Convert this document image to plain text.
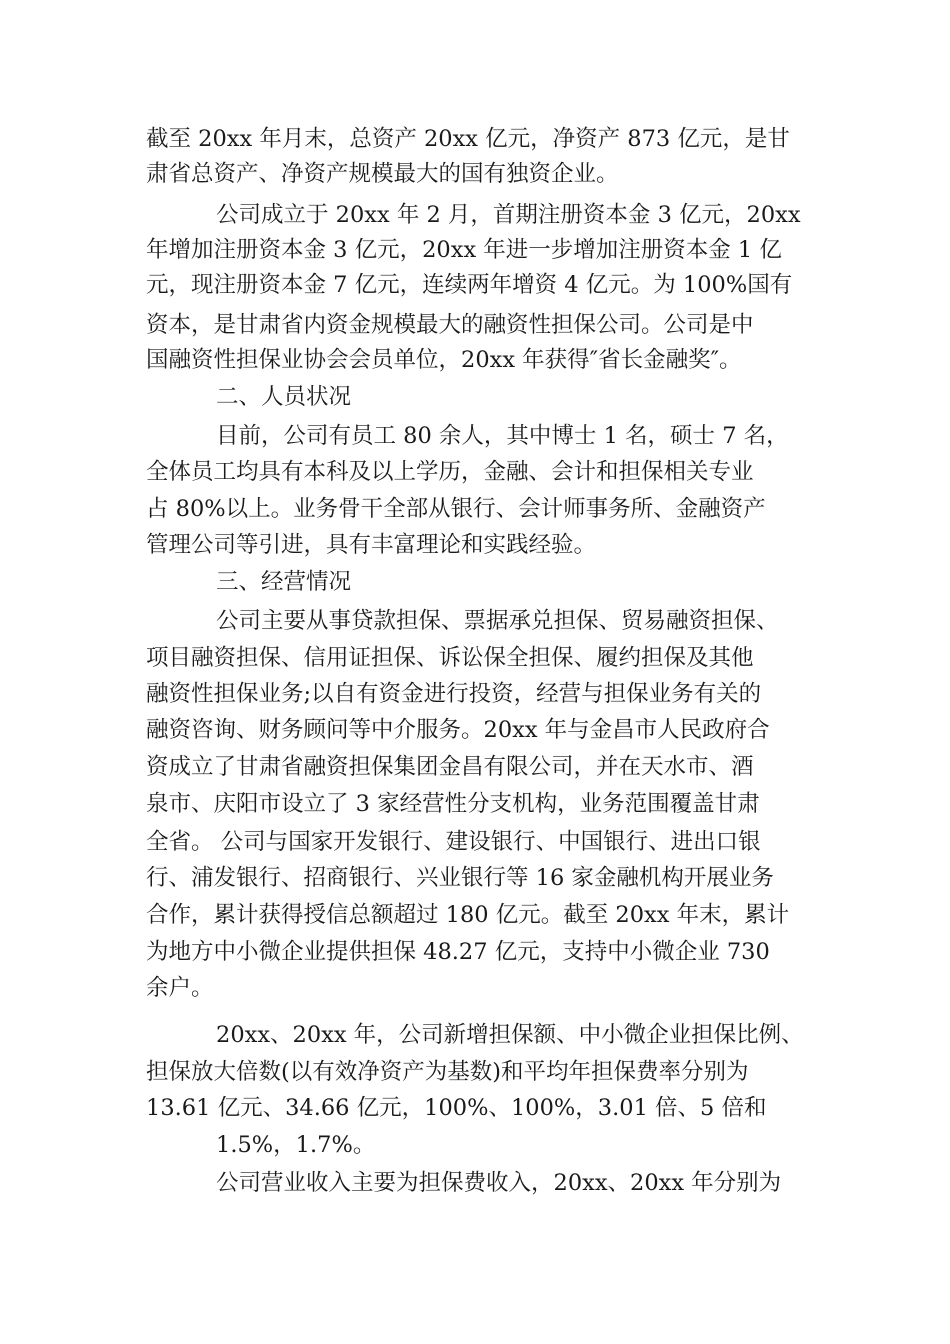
截至 20xx 年月末，总资产 20xx 亿元，净资产 873 亿元，是甘
肃省总资产、净资产规模最大的国有独资企业。
公司成立于 20xx 年 2 月，首期注册资本金 3 亿元，20xx
年增加注册资本金 3 亿元，20xx 年进一步增加注册资本金 1 亿
元，现注册资本金 7 亿元，连续两年增资 4 亿元。为 100%国有
资本，是甘肃省内资金规模最大的融资性担保公司。公司是中
国融资性担保业协会会员单位，20xx 年获得″省长金融奖″。
二、人员状况
目前，公司有员工 80 余人，其中博士 1 名，硕士 7 名，
全体员工均具有本科及以上学历，金融、会计和担保相关专业
占 80%以上。业务骨干全部从银行、会计师事务所、金融资产
管理公司等引进，具有丰富理论和实践经验。
三、经营情况
公司主要从事贷款担保、票据承兑担保、贸易融资担保、
项目融资担保、信用证担保、诉讼保全担保、履约担保及其他
融资性担保业务;以自有资金进行投资，经营与担保业务有关的
融资咨询、财务顾问等中介服务。20xx 年与金昌市人民政府合
资成立了甘肃省融资担保集团金昌有限公司，并在天水市、酒
泉市、庆阳市设立了 3 家经营性分支机构，业务范围覆盖甘肃
全省。 公司与国家开发银行、建设银行、中国银行、进出口银
行、浦发银行、招商银行、兴业银行等 16 家金融机构开展业务
合作，累计获得授信总额超过 180 亿元。截至 20xx 年末，累计
为地方中小微企业提供担保 48.27 亿元，支持中小微企业 730
余户。
20xx、20xx 年，公司新增担保额、中小微企业担保比例、
担保放大倍数(以有效净资产为基数)和平均年担保费率分别为
13.61 亿元、34.66 亿元，100%、100%，3.01 倍、5 倍和
1.5%，1.7%。
公司营业收入主要为担保费收入，20xx、20xx 年分别为
